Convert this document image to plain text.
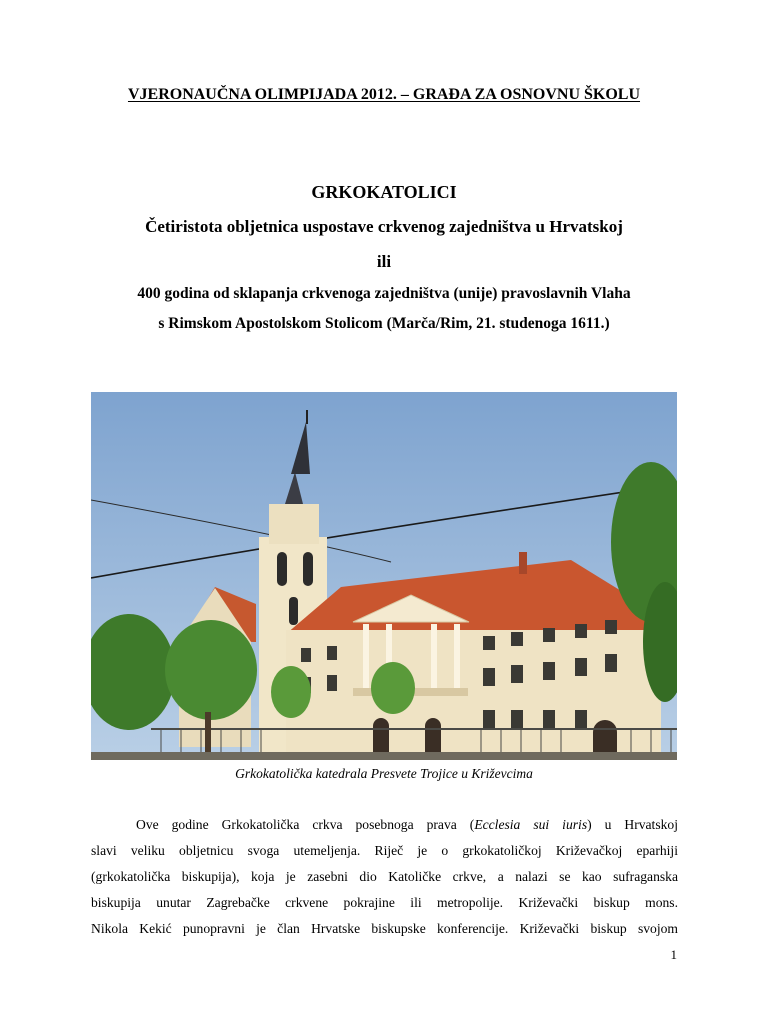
VJERONAUČNA OLIMPIJADA 2012. – GRAĐA ZA OSNOVNU ŠKOLU

GRKOKATOLICI

Četiristota obljetnica uspostave crkvenog zajedništva u Hrvatskoj

ili

400 godina od sklapanja crkvenoga zajedništva (unije) pravoslavnih Vlaha

s Rimskom Apostolskom Stolicom (Marča/Rim, 21. studenoga 1611.)

Grkokatolička katedrala Presvete Trojice u Križevcima
Ove godine Grkokatolička crkva posebnoga prava (Ecclesia sui iuris) u Hrvatskoj
slavi veliku obljetnicu svoga utemeljenja. Riječ je o grkokatoličkoj Križevačkoj eparhiji
(grkokatolička biskupija), koja je zasebni dio Katoličke crkve, a nalazi se kao sufraganska
biskupija unutar Zagrebačke crkvene pokrajine ili metropolije. Križevački biskup mons.
Nikola Kekić punopravni je član Hrvatske biskupske konferencije. Križevački biskup svojom
1
